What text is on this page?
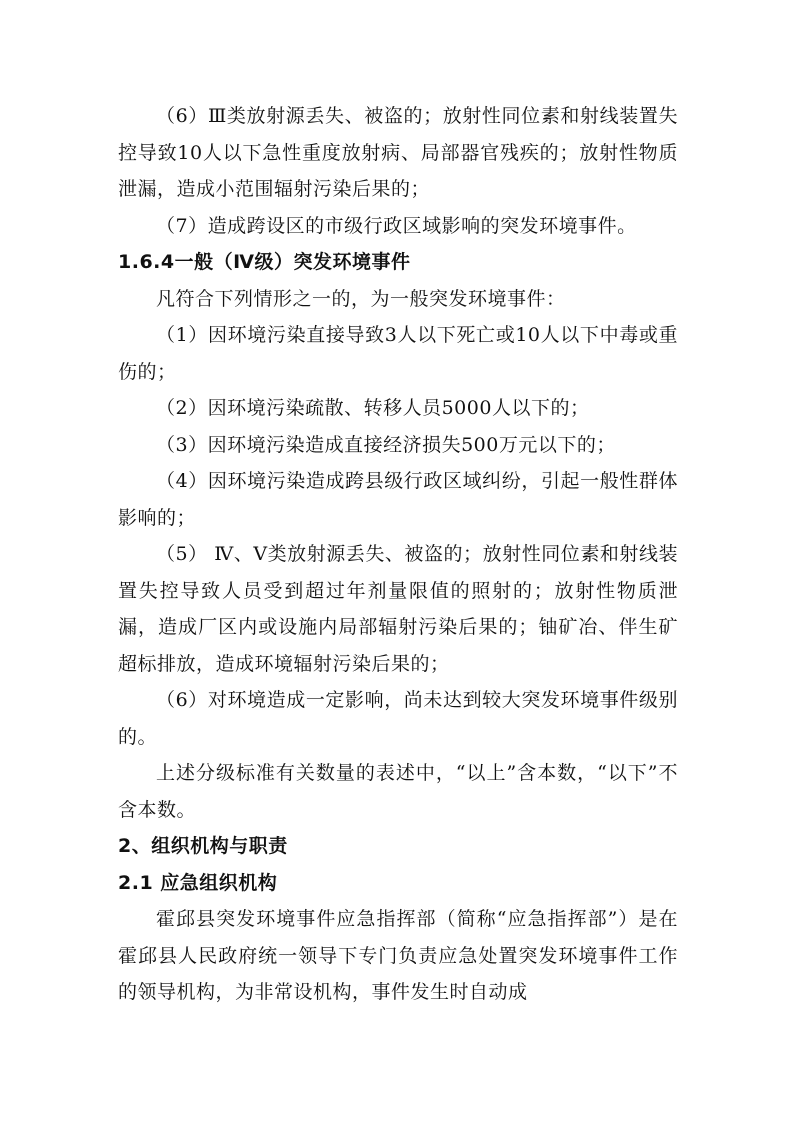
（6）Ⅲ类放射源丢失、被盗的；放射性同位素和射线装置失控导致10人以下急性重度放射病、局部器官残疾的；放射性物质泄漏，造成小范围辐射污染后果的；

（7）造成跨设区的市级行政区域影响的突发环境事件。

1.6.4一般（Ⅳ级）突发环境事件

凡符合下列情形之一的，为一般突发环境事件：

（1）因环境污染直接导致3人以下死亡或10人以下中毒或重伤的；

（2）因环境污染疏散、转移人员5000人以下的；

（3）因环境污染造成直接经济损失500万元以下的；

（4）因环境污染造成跨县级行政区域纠纷，引起一般性群体影响的；

（5） Ⅳ、Ⅴ类放射源丢失、被盗的；放射性同位素和射线装置失控导致人员受到超过年剂量限值的照射的；放射性物质泄漏，造成厂区内或设施内局部辐射污染后果的；铀矿冶、伴生矿超标排放，造成环境辐射污染后果的；

（6）对环境造成一定影响，尚未达到较大突发环境事件级别的。

上述分级标准有关数量的表述中，“以上”含本数，“以下”不含本数。

2、组织机构与职责

2.1 应急组织机构

霍邱县突发环境事件应急指挥部（简称“应急指挥部”）是在霍邱县人民政府统一领导下专门负责应急处置突发环境事件工作的领导机构，为非常设机构，事件发生时自动成
